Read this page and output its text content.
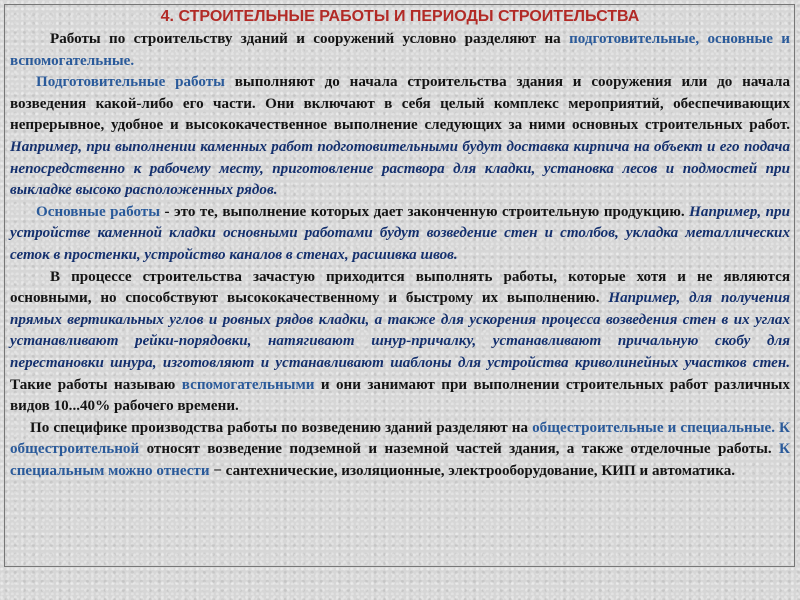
4. СТРОИТЕЛЬНЫЕ РАБОТЫ И ПЕРИОДЫ СТРОИТЕЛЬСТВА

Работы по строительству зданий и сооружений условно разделяют на подготовительные, основные и вспомогательные.

Подготовительные работы выполняют до начала строительства здания и сооружения или до начала возведения какой-либо его части. Они включают в себя целый комплекс мероприятий, обеспечивающих непрерывное, удобное и высококачественное выполнение следующих за ними основных строительных работ. Например, при выполнении каменных работ подготовительными будут доставка кирпича на объект и его подача непосредственно к рабочему месту, приготовление раствора для кладки, установка лесов и подмостей при выкладке высоко расположенных рядов.

Основные работы - это те, выполнение которых дает законченную строительную продукцию. Например, при устройстве каменной кладки основными работами будут возведение стен и столбов, укладка металлических сеток в простенки, устройство каналов в стенах, расшивка швов.

В процессе строительства зачастую приходится выполнять работы, которые хотя и не являются основными, но способствуют высококачественному и быстрому их выполнению. Например, для получения прямых вертикальных углов и ровных рядов кладки, а также для ускорения процесса возведения стен в их углах устанавливают рейки-порядовки, натягивают шнур-причалку, устанавливают причальную скобу для перестановки шнура, изготовляют и устанавливают шаблоны для устройства криволинейных участков стен. Такие работы называю вспомогательными и они занимают при выполнении строительных работ различных видов 10...40% рабочего времени.

По специфике производства работы по возведению зданий разделяют на общестроительные и специальные. К общестроительной относят возведение подземной и наземной частей здания, а также отделочные работы. К специальным можно отнести − сантехнические, изоляционные, электрооборудование, КИП и автоматика.
